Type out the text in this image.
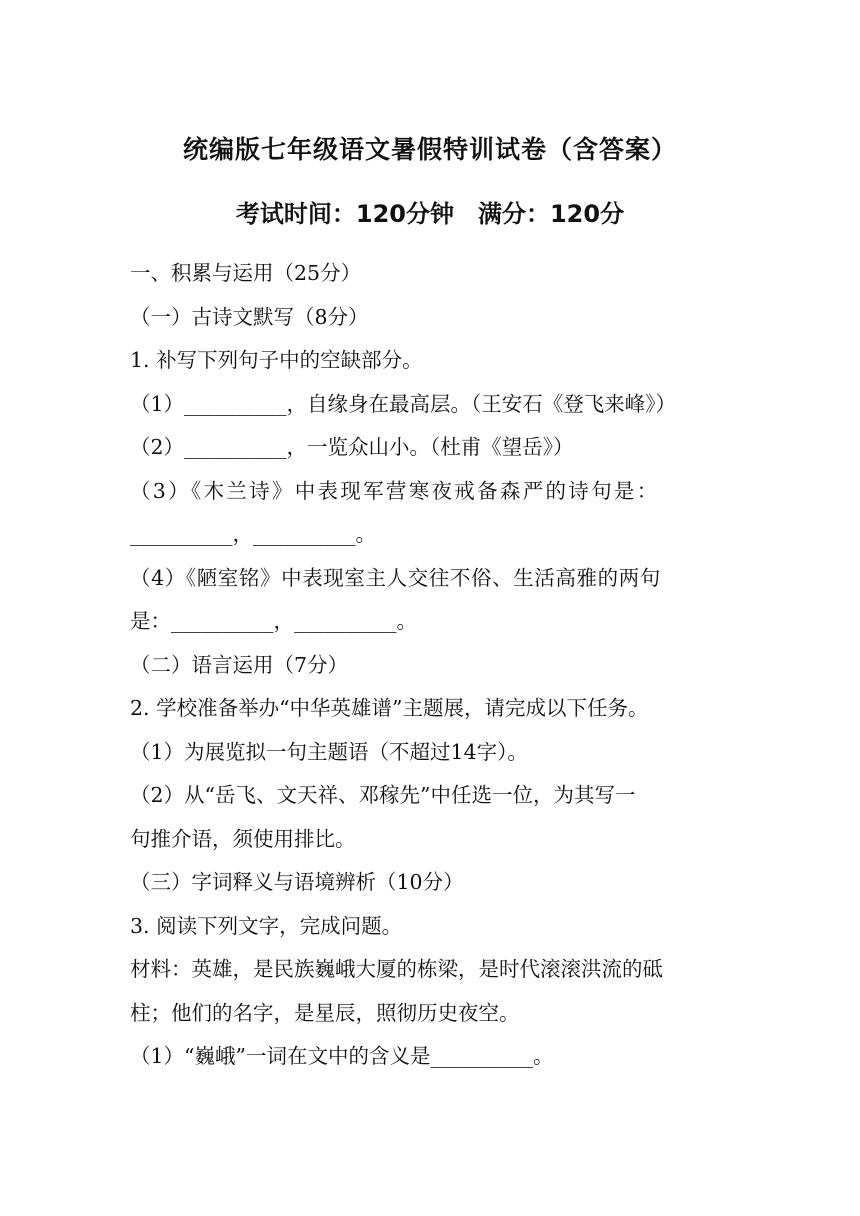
统编版七年级语文暑假特训试卷（含答案）
考试时间：120分钟　满分：120分
一、积累与运用（25分）
（一）古诗文默写（8分）
1. 补写下列句子中的空缺部分。
（1）__________，自缘身在最高层。（王安石《登飞来峰》）
（2）__________，一览众山小。（杜甫《望岳》）
（3）《木兰诗》中表现军营寒夜戒备森严的诗句是：
__________，__________。
（4）《陋室铭》中表现室主人交往不俗、生活高雅的两句
是：__________，__________。
（二）语言运用（7分）
2. 学校准备举办“中华英雄谱”主题展，请完成以下任务。
（1）为展览拟一句主题语（不超过14字）。
（2）从“岳飞、文天祥、邓稼先”中任选一位，为其写一
句推介语，须使用排比。
（三）字词释义与语境辨析（10分）
3. 阅读下列文字，完成问题。
材料：英雄，是民族巍峨大厦的栋梁，是时代滚滚洪流的砥
柱；他们的名字，是星辰，照彻历史夜空。
（1）“巍峨”一词在文中的含义是__________。
